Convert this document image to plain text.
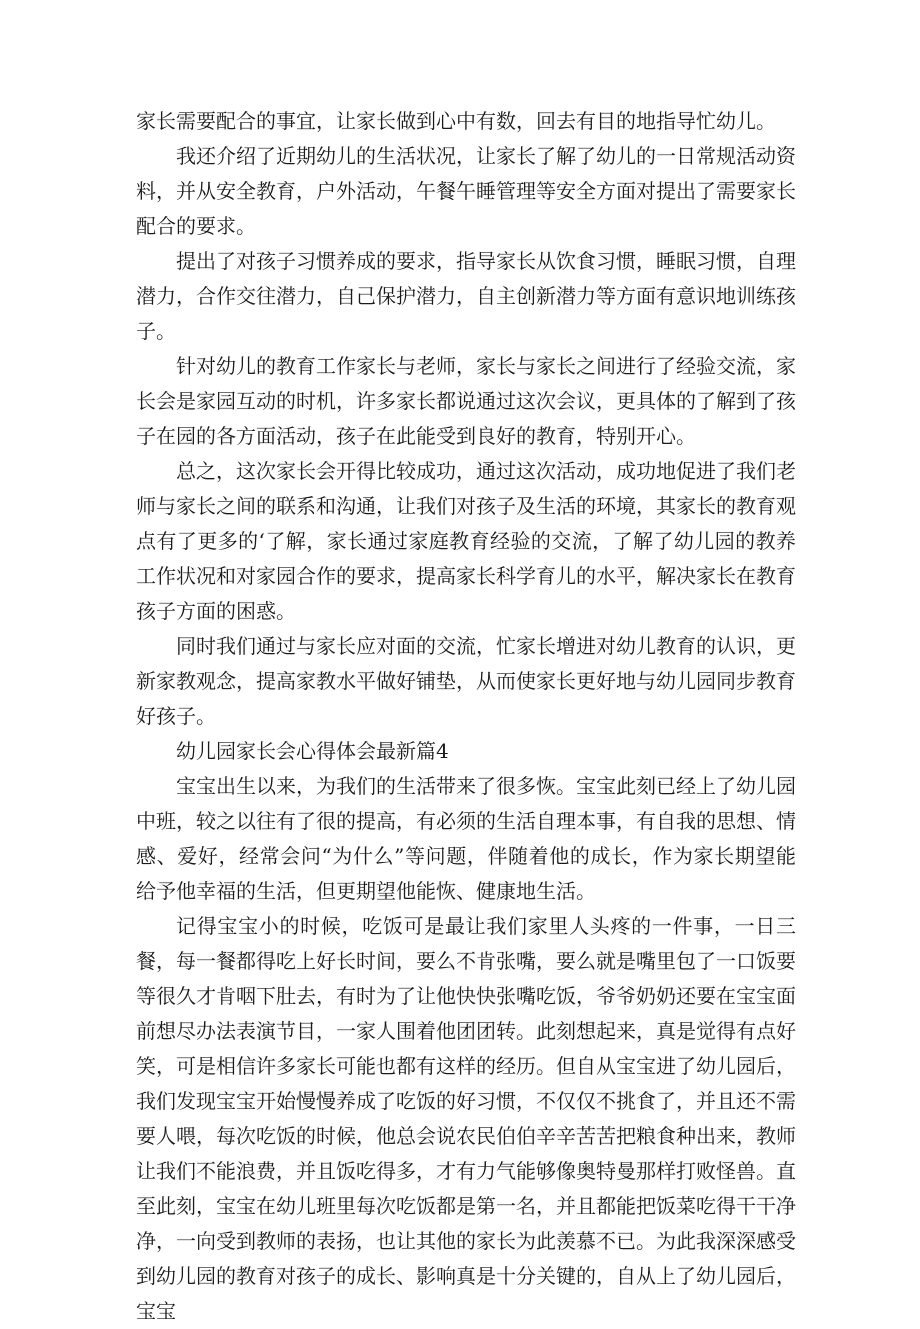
家长需要配合的事宜，让家长做到心中有数，回去有目的地指导忙幼儿。

我还介绍了近期幼儿的生活状况，让家长了解了幼儿的一日常规活动资料，并从安全教育，户外活动，午餐午睡管理等安全方面对提出了需要家长配合的要求。

提出了对孩子习惯养成的要求，指导家长从饮食习惯，睡眠习惯，自理潜力，合作交往潜力，自己保护潜力，自主创新潜力等方面有意识地训练孩子。

针对幼儿的教育工作家长与老师，家长与家长之间进行了经验交流，家长会是家园互动的时机，许多家长都说通过这次会议，更具体的了解到了孩子在园的各方面活动，孩子在此能受到良好的教育，特别开心。

总之，这次家长会开得比较成功，通过这次活动，成功地促进了我们老师与家长之间的联系和沟通，让我们对孩子及生活的环境，其家长的教育观点有了更多的‘了解，家长通过家庭教育经验的交流，了解了幼儿园的教养工作状况和对家园合作的要求，提高家长科学育儿的水平，解决家长在教育孩子方面的困惑。

同时我们通过与家长应对面的交流，忙家长增进对幼儿教育的认识，更新家教观念，提高家教水平做好铺垫，从而使家长更好地与幼儿园同步教育好孩子。

幼儿园家长会心得体会最新篇4

宝宝出生以来，为我们的生活带来了很多恢。宝宝此刻已经上了幼儿园中班，较之以往有了很的提高，有必须的生活自理本事，有自我的思想、情感、爱好，经常会问“为什么”等问题，伴随着他的成长，作为家长期望能给予他幸福的生活，但更期望他能恢、健康地生活。

记得宝宝小的时候，吃饭可是最让我们家里人头疼的一件事，一日三餐，每一餐都得吃上好长时间，要么不肯张嘴，要么就是嘴里包了一口饭要等很久才肯咽下肚去，有时为了让他快快张嘴吃饭，爷爷奶奶还要在宝宝面前想尽办法表演节目，一家人围着他团团转。此刻想起来，真是觉得有点好笑，可是相信许多家长可能也都有这样的经历。但自从宝宝进了幼儿园后，我们发现宝宝开始慢慢养成了吃饭的好习惯，不仅仅不挑食了，并且还不需要人喂，每次吃饭的时候，他总会说农民伯伯辛辛苦苦把粮食种出来，教师让我们不能浪费，并且饭吃得多，才有力气能够像奥特曼那样打败怪兽。直至此刻，宝宝在幼儿班里每次吃饭都是第一名，并且都能把饭菜吃得干干净净，一向受到教师的表扬，也让其他的家长为此羡慕不已。为此我深深感受到幼儿园的教育对孩子的成长、影响真是十分关键的，自从上了幼儿园后，宝宝
